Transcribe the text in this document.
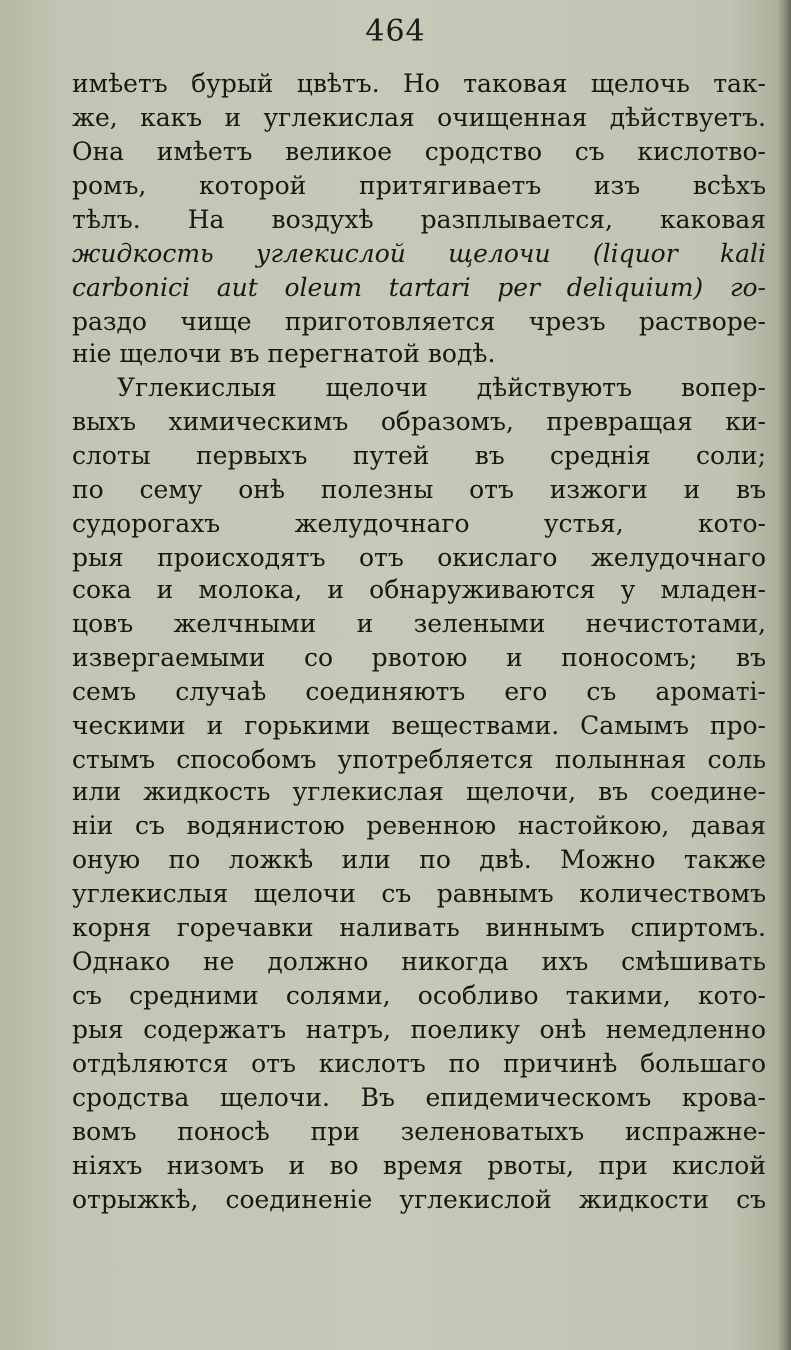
464

имѣетъ бурый цвѣтъ. Но таковая щелочь так-

же, какъ и углекислая очищенная дѣйствуетъ.

Она имѣетъ великое сродство съ кислотво-

ромъ, которой притягиваетъ изъ всѣхъ

тѣлъ. На воздухѣ разплывается, каковая

жидкость углекислой щелочи (liquor kali

carbonici aut oleum tartari per deliquium) го-

раздо чище приготовляется чрезъ раствоpe-

ніе щелочи въ перегнатой водѣ.

Углекислыя щелочи дѣйствуютъ вопер-

выхъ химическимъ образомъ, превращая ки-

слоты первыхъ путей въ среднія соли;

по сему онѣ полезны отъ изжоги и въ

судорогахъ желудочнаго устья, кото-

рыя происходятъ отъ окислаго желудочнаго

сока и молока, и обнаруживаются у младен-

цовъ желчными и зелеными нечистотами,

извергаемыми со рвотою и поносомъ; въ

семъ случаѣ соединяютъ его съ ароматі-

ческими и горькими веществами. Самымъ про-

стымъ способомъ употребляется полынная соль

или жидкость углекислая щелочи, въ соедине-

ніи съ водянистою ревенною настойкою, давая

оную по ложкѣ или по двѣ. Можно также

углекислыя щелочи съ равнымъ количествомъ

корня горечавки наливать виннымъ спиртомъ.

Однако не должно никогда ихъ смѣшивать

съ средними солями, особливо такими, кото-

рыя содержатъ натръ, поелику онѣ немедленно

отдѣляются отъ кислотъ по причинѣ большаго

сродства щелочи. Въ епидемическомъ крова-

вомъ поносѣ при зеленоватыхъ испражне-

ніяхъ низомъ и во время рвоты, при кислой

отрыжкѣ, соединеніе углекислой жидкости съ
